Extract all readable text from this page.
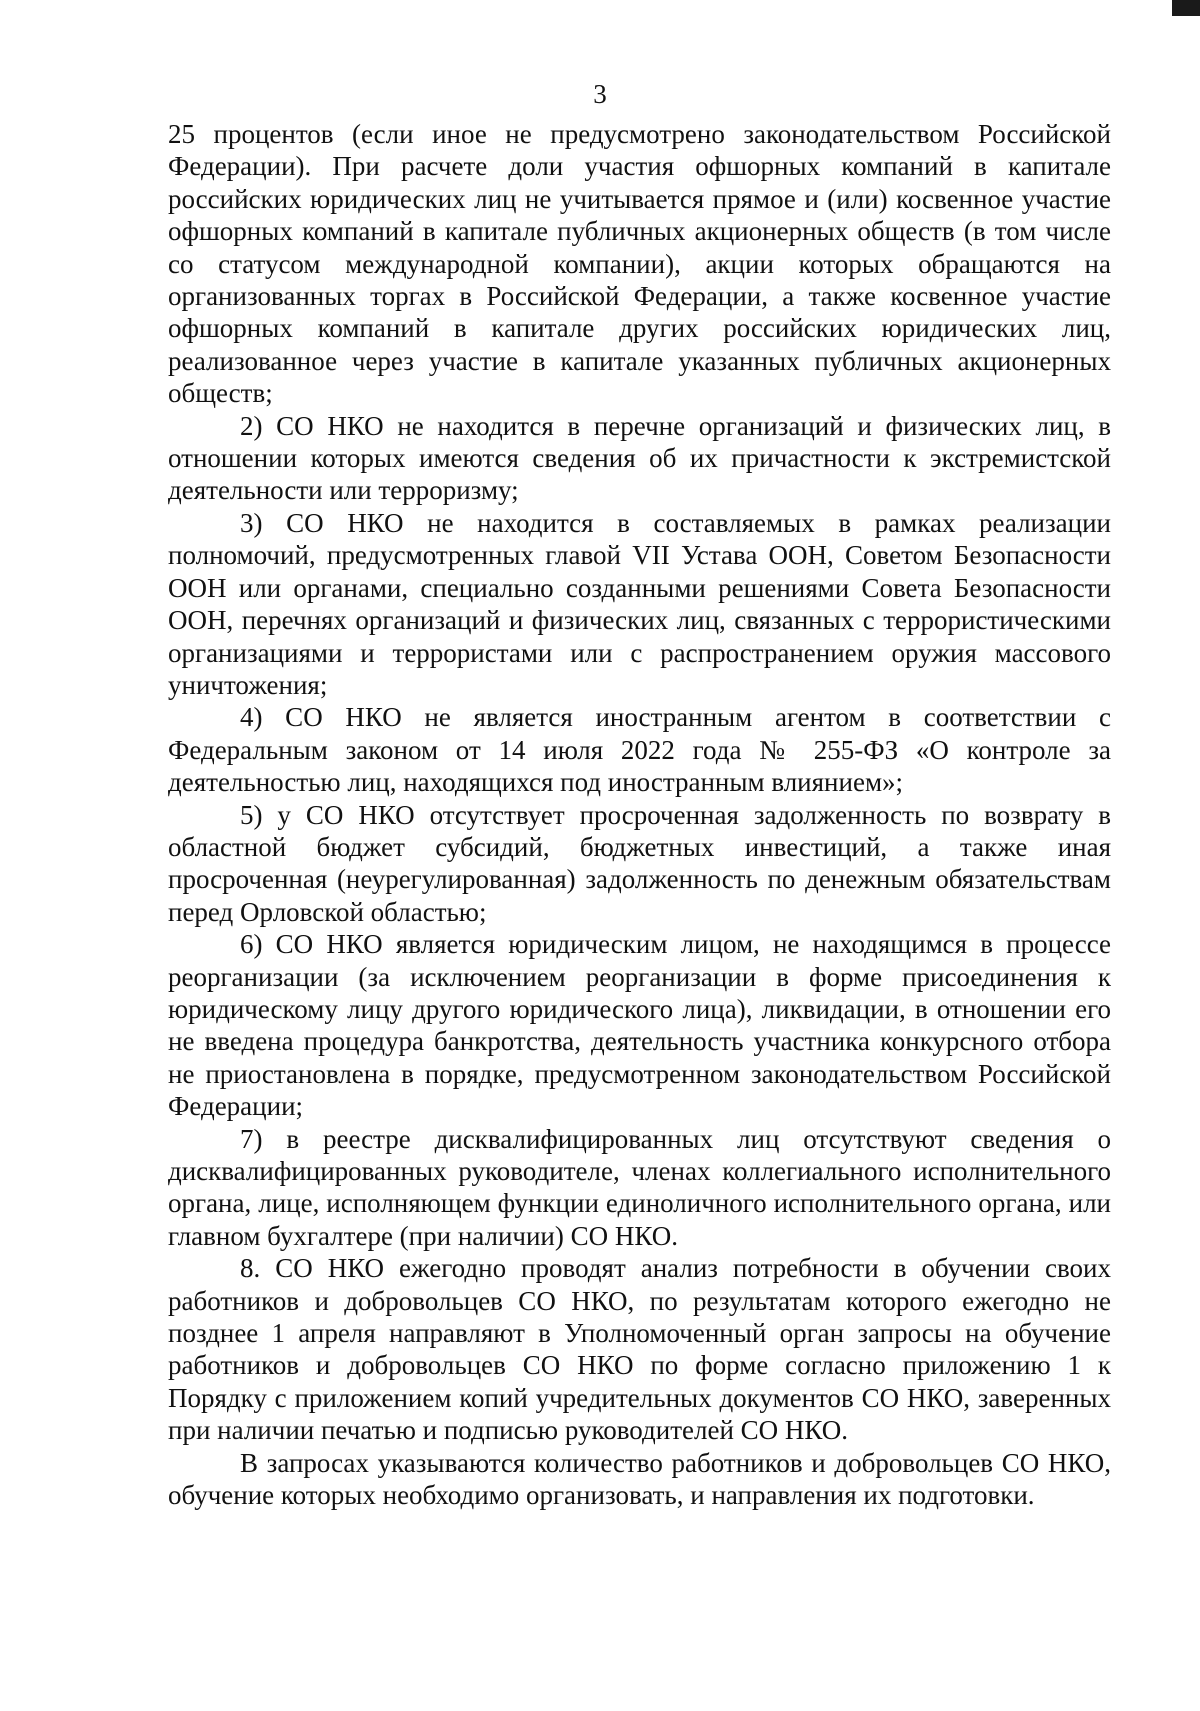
3

25 процентов (если иное не предусмотрено законодательством Российской Федерации). При расчете доли участия офшорных компаний в капитале российских юридических лиц не учитывается прямое и (или) косвенное участие офшорных компаний в капитале публичных акционерных обществ (в том числе со статусом международной компании), акции которых обращаются на организованных торгах в Российской Федерации, а также косвенное участие офшорных компаний в капитале других российских юридических лиц, реализованное через участие в капитале указанных публичных акционерных обществ;

2) СО НКО не находится в перечне организаций и физических лиц, в отношении которых имеются сведения об их причастности к экстремистской деятельности или терроризму;

3) СО НКО не находится в составляемых в рамках реализации полномочий, предусмотренных главой VII Устава ООН, Советом Безопасности ООН или органами, специально созданными решениями Совета Безопасности ООН, перечнях организаций и физических лиц, связанных с террористическими организациями и террористами или с распространением оружия массового уничтожения;

4) СО НКО не является иностранным агентом в соответствии с Федеральным законом от 14 июля 2022 года № 255-ФЗ «О контроле за деятельностью лиц, находящихся под иностранным влиянием»;

5) у СО НКО отсутствует просроченная задолженность по возврату в областной бюджет субсидий, бюджетных инвестиций, а также иная просроченная (неурегулированная) задолженность по денежным обязательствам перед Орловской областью;

6) СО НКО является юридическим лицом, не находящимся в процессе реорганизации (за исключением реорганизации в форме присоединения к юридическому лицу другого юридического лица), ликвидации, в отношении его не введена процедура банкротства, деятельность участника конкурсного отбора не приостановлена в порядке, предусмотренном законодательством Российской Федерации;

7) в реестре дисквалифицированных лиц отсутствуют сведения о дисквалифицированных руководителе, членах коллегиального исполнительного органа, лице, исполняющем функции единоличного исполнительного органа, или главном бухгалтере (при наличии) СО НКО.

8. СО НКО ежегодно проводят анализ потребности в обучении своих работников и добровольцев СО НКО, по результатам которого ежегодно не позднее 1 апреля направляют в Уполномоченный орган запросы на обучение работников и добровольцев СО НКО по форме согласно приложению 1 к Порядку с приложением копий учредительных документов СО НКО, заверенных при наличии печатью и подписью руководителей СО НКО.

В запросах указываются количество работников и добровольцев СО НКО, обучение которых необходимо организовать, и направления их подготовки.
